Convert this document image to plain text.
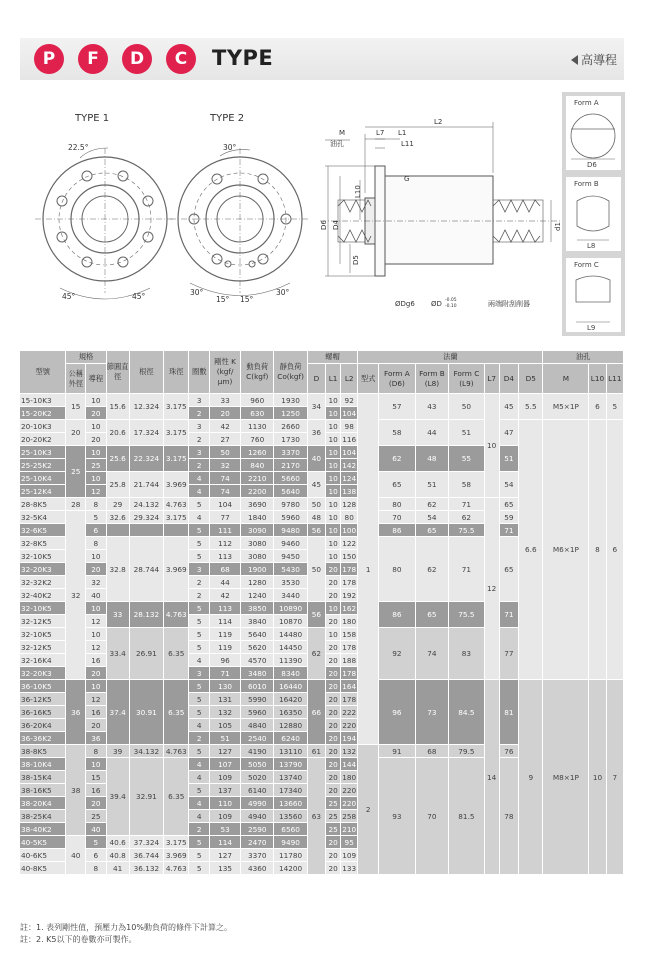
P	F	D	C	TYPE	高導程
TYPE 1	TYPE 2
22.5°
45°	45°
30°
30°
15° 15°
30°
M
油孔
L7 L1
L2
L11
G
L10
D6 D4
D5
d1
ØDg6 ØD -0.05
-0.10	兩端附刮削器
Form A
D6
Form B
L8
Form C
L9
型號	規格		節圓直徑	根徑	珠徑	圈數	剛性 K (kgf/μm)	動負荷 C(kgf)	靜負荷 Co(kgf)	螺帽			法蘭							油孔		
	公稱外徑	導程								D	L1	L2	型式	Form A (D6)	Form B (L8)	Form C (L9)	L7	D4	D5	M	L10	L11
15-10K3	15	10	15.6	12.324	3.175	3	33	960	1930	34	10	92	1	57	43	50	10	45	5.5	M5×1P	6	5
15-20K2		20				2	20	630	1250		10	104										
20-10K3	20	10	20.6	17.324	3.175	3	42	1130	2660	36	10	98		58	44	51		47	6.6	M6×1P	8	6
20-20K2		20				2	27	760	1730		10	116										
25-10K3	25	10	25.6	22.324	3.175	3	50	1260	3370	40	10	104		62	48	55		51				
25-25K2		25				2	32	840	2170		10	142										
25-10K4		10	25.8	21.744	3.969	4	74	2210	5660	45	10	124		65	51	58		54				
25-12K4		12				4	74	2200	5640		10	138										
28-8K5	28	8	29	24.132	4.763	5	104	3690	9780	50	10	128		80	62	71	12	65				
32-5K4	32	5	32.6	29.324	3.175	4	77	1840	5960	48	10	80		70	54	62		59				
32-6K5		6				5	111	3090	9480	56	10	100		86	65	75.5		71				
32-8K5		8	32.8	28.744	3.969	5	112	3080	9460	50	10	122		80	62	71		65				
32-10K5		10				5	113	3080	9450		10	150										
32-20K3		20				3	68	1900	5430		20	178										
32-32K2		32				2	44	1280	3530		20	178										
32-40K2		40				2	42	1240	3440		20	192										
32-10K5		10	33	28.132	4.763	5	113	3850	10890	56	10	162		86	65	75.5		71				
32-12K5		12				5	114	3840	10870		20	180										
32-10K5		10	33.4	26.91	6.35	5	119	5640	14480	62	10	158		92	74	83		77				
32-12K5		12				5	119	5620	14450		20	178										
32-16K4		16				4	96	4570	11390		20	188										
32-20K3		20				3	71	3480	8340		20	178										
36-10K5	36	10	37.4	30.91	6.35	5	130	6010	16440	66	20	164		96	73	84.5	14	81	9	M8×1P	10	7
36-12K5		12				5	131	5990	16420		20	178										
36-16K5		16				5	132	5960	16350		20	222										
36-20K4		20				4	105	4840	12880		20	220										
36-36K2		36				2	51	2540	6240		20	194										
38-8K5	38	8	39	34.132	4.763	5	127	4190	13110	61	20	132	2	91	68	79.5		76				
38-10K4		10	39.4	32.91	6.35	4	107	5050	13790	63	20	144		93	70	81.5		78				
38-15K4		15				4	109	5020	13740		20	180										
38-16K5		16				5	137	6140	17340		20	220										
38-20K4		20				4	110	4990	13660		25	220										
38-25K4		25				4	109	4940	13560		25	258										
38-40K2		40				2	53	2590	6560		25	210										
40-5K5	40	5	40.6	37.324	3.175	5	114	2470	9490		20	95										
40-6K5		6	40.8	36.744	3.969	5	127	3370	11780		20	109										
40-8K5		8	41	36.132	4.763	5	135	4360	14200		20	133										
註：1. 表列剛性值，預壓力為10%動負荷的條件下計算之。
註：2. K5以下的卷數亦可製作。
